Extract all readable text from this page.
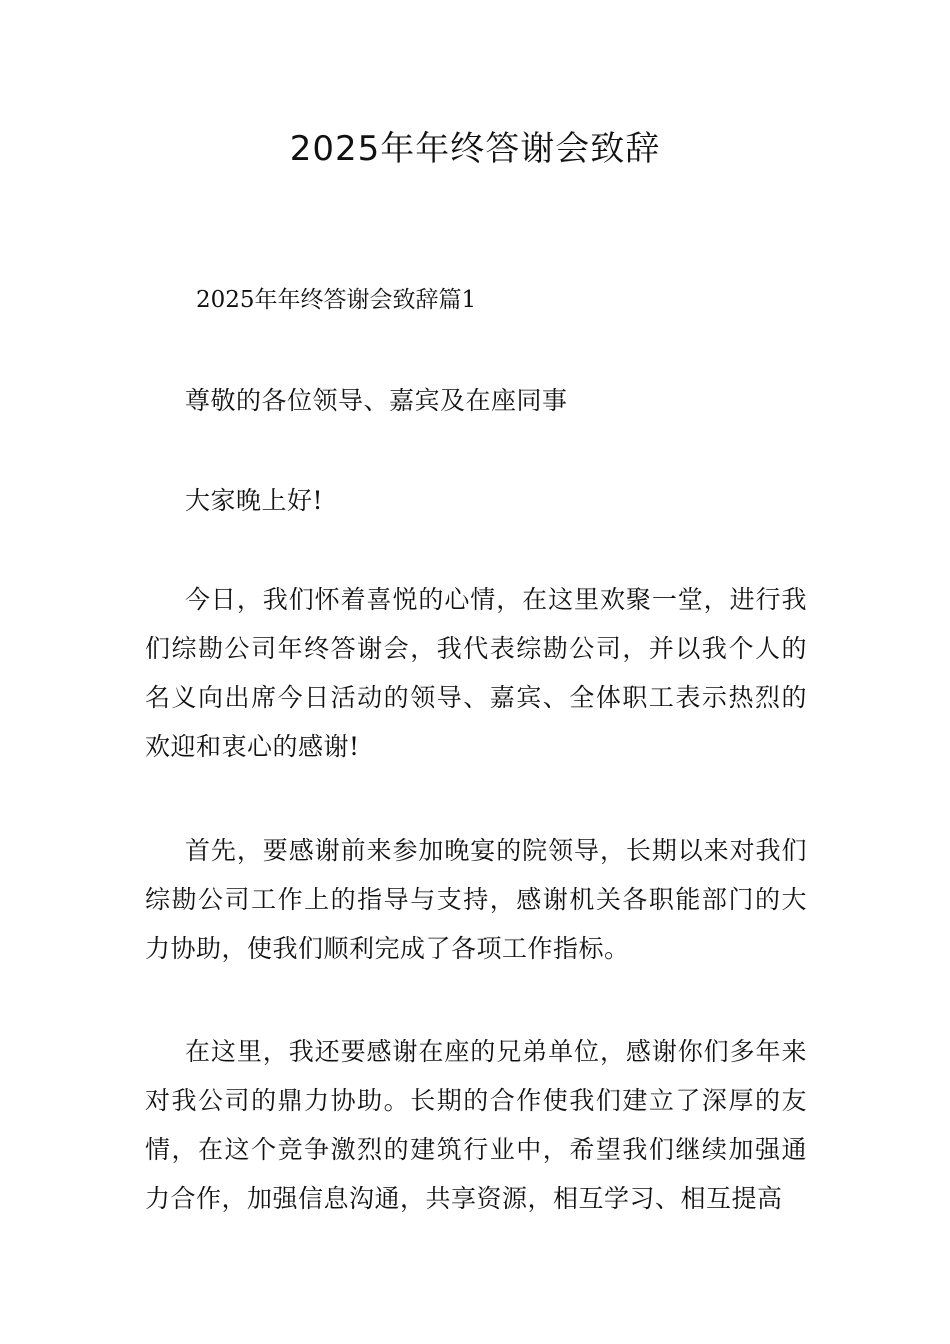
2025年年终答谢会致辞

2025年年终答谢会致辞篇1

尊敬的各位领导、嘉宾及在座同事

大家晚上好!

今日，我们怀着喜悦的心情，在这里欢聚一堂，进行我们综勘公司年终答谢会，我代表综勘公司，并以我个人的名义向出席今日活动的领导、嘉宾、全体职工表示热烈的欢迎和衷心的感谢!

首先，要感谢前来参加晚宴的院领导，长期以来对我们综勘公司工作上的指导与支持，感谢机关各职能部门的大力协助，使我们顺利完成了各项工作指标。

在这里，我还要感谢在座的兄弟单位，感谢你们多年来对我公司的鼎力协助。长期的合作使我们建立了深厚的友情，在这个竞争激烈的建筑行业中，希望我们继续加强通力合作，加强信息沟通，共享资源，相互学习、相互提高
